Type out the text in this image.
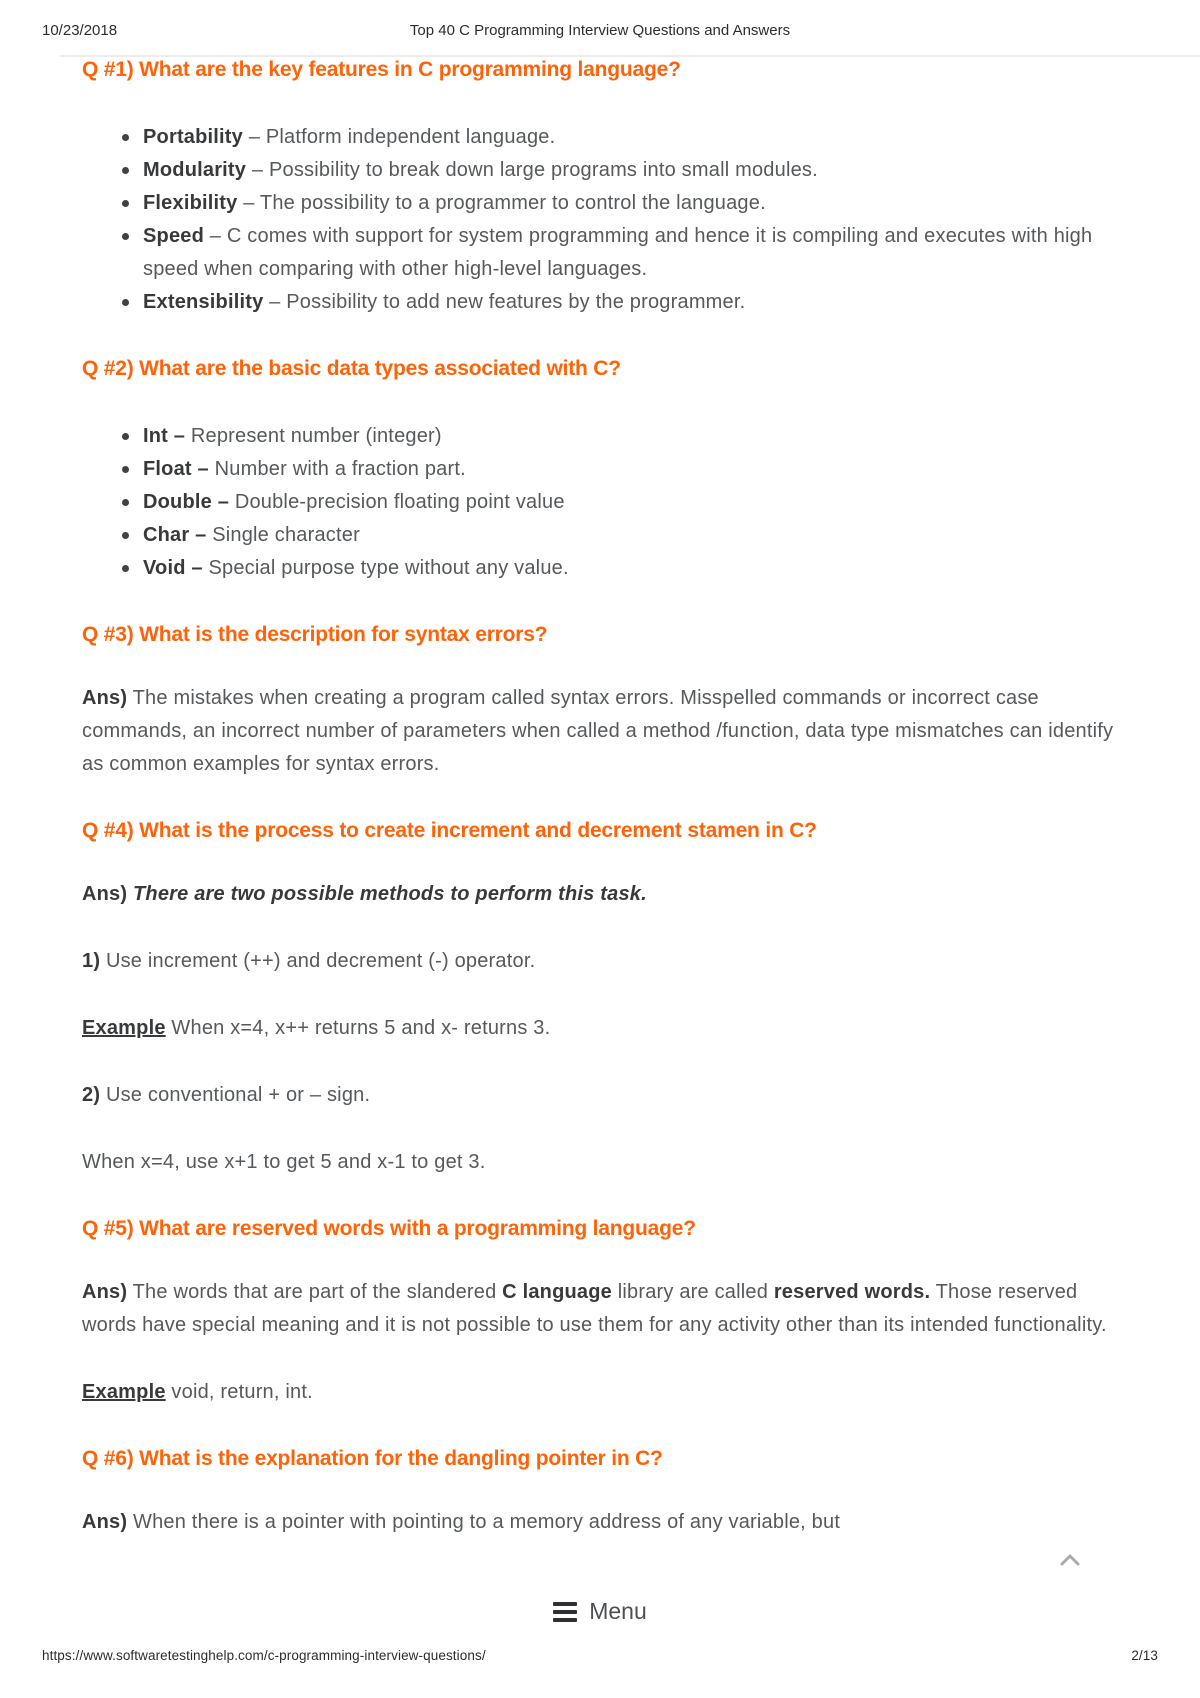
10/23/2018	Top 40 C Programming Interview Questions and Answers
Q #1) What are the key features in C programming language?
Portability – Platform independent language.
Modularity – Possibility to break down large programs into small modules.
Flexibility – The possibility to a programmer to control the language.
Speed – C comes with support for system programming and hence it is compiling and executes with high speed when comparing with other high-level languages.
Extensibility – Possibility to add new features by the programmer.
Q #2) What are the basic data types associated with C?
Int – Represent number (integer)
Float – Number with a fraction part.
Double – Double-precision floating point value
Char – Single character
Void – Special purpose type without any value.
Q #3) What is the description for syntax errors?

Ans) The mistakes when creating a program called syntax errors. Misspelled commands or incorrect case commands, an incorrect number of parameters when called a method /function, data type mismatches can identify as common examples for syntax errors.

Q #4) What is the process to create increment and decrement stamen in C?

Ans) There are two possible methods to perform this task.

1) Use increment (++) and decrement (-) operator.

Example When x=4, x++ returns 5 and x- returns 3.

2) Use conventional + or – sign.

When x=4, use x+1 to get 5 and x-1 to get 3.

Q #5) What are reserved words with a programming language?

Ans) The words that are part of the slandered C language library are called reserved words. Those reserved words have special meaning and it is not possible to use them for any activity other than its intended functionality.

Example void, return, int.

Q #6) What is the explanation for the dangling pointer in C?

Ans) When there is a pointer with pointing to a memory address of any variable, but

Menu
https://www.softwaretestinghelp.com/c-programming-interview-questions/	2/13
